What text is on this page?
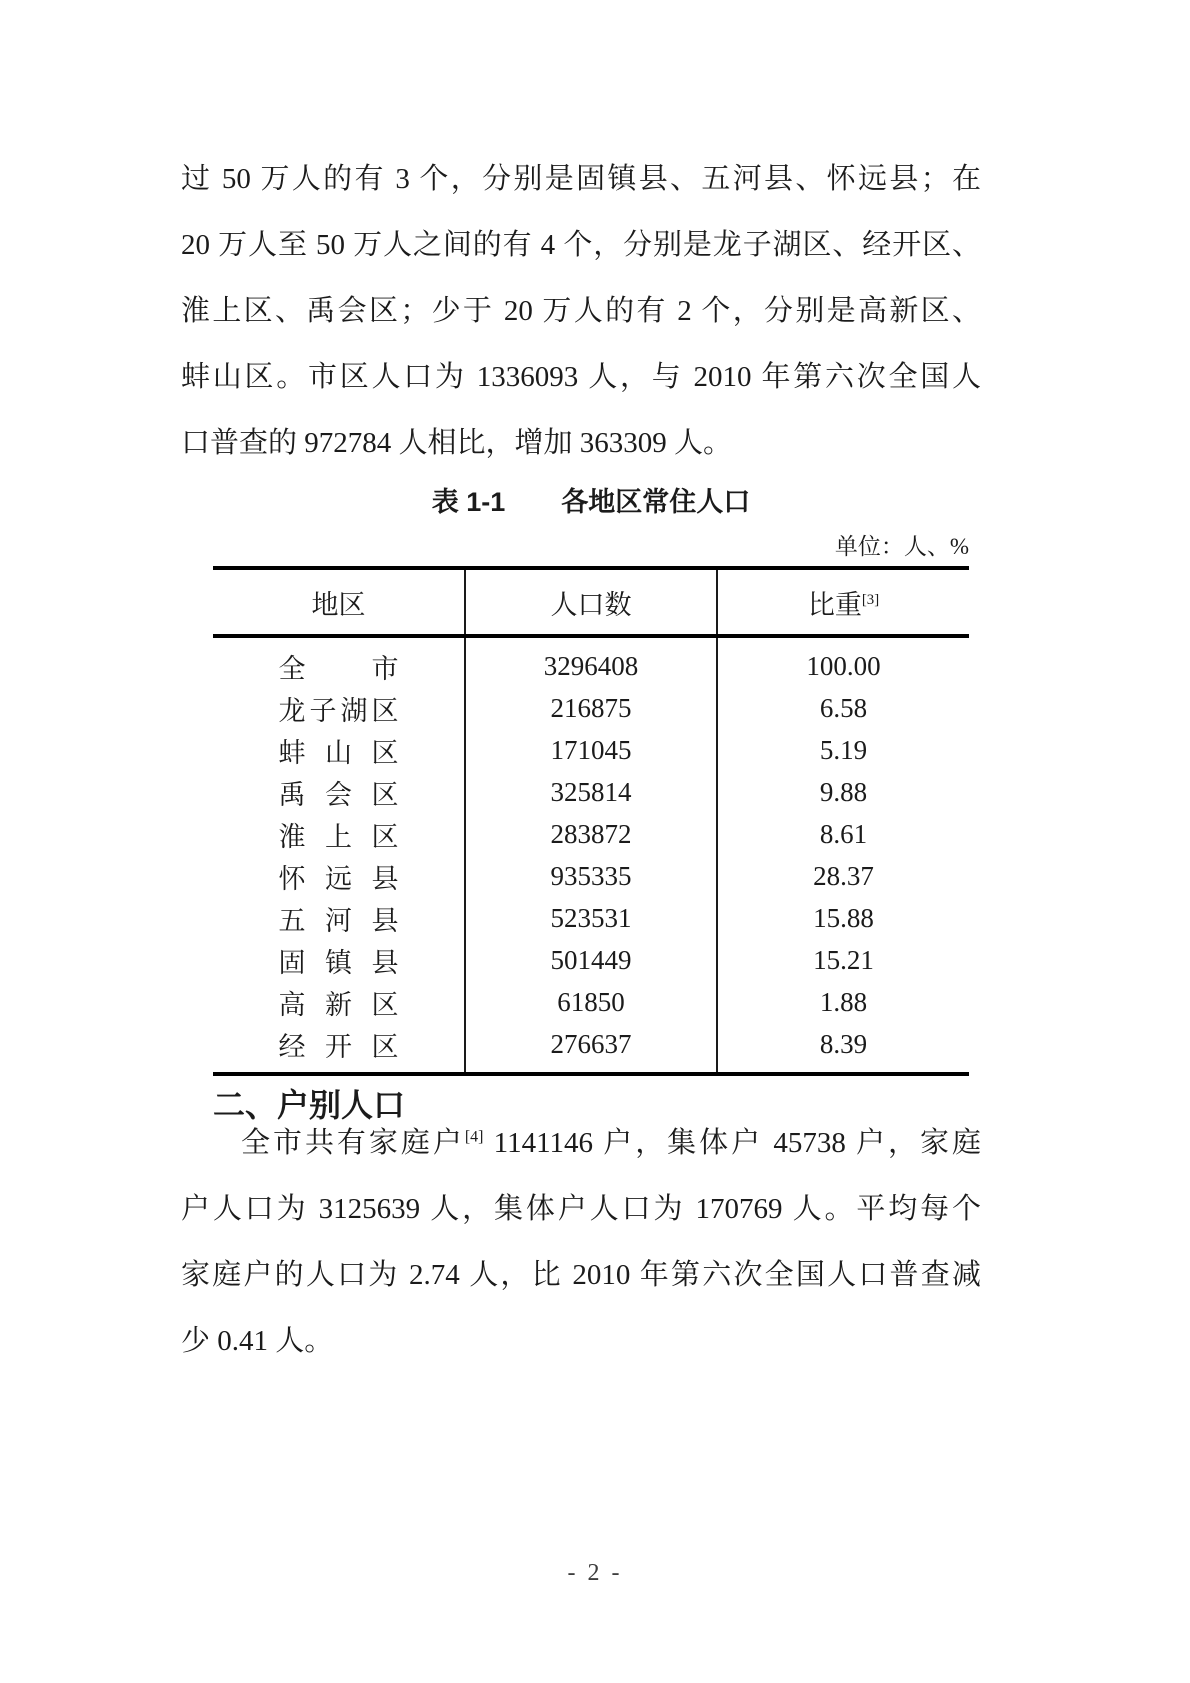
过 50 万人的有 3 个，分别是固镇县、五河县、怀远县；在
20 万人至 50 万人之间的有 4 个，分别是龙子湖区、经开区、
淮上区、禹会区；少于 20 万人的有 2 个，分别是高新区、
蚌山区。市区人口为 1336093 人，与 2010 年第六次全国人
口普查的 972784 人相比，增加 363309 人。
表 1-1 各地区常住人口
单位：人、%
地区	人口数	比重[3]
全市	3296408	100.00
龙子湖区	216875	6.58
蚌山区	171045	5.19
禹会区	325814	9.88
淮上区	283872	8.61
怀远县	935335	28.37
五河县	523531	15.88
固镇县	501449	15.21
高新区	61850	1.88
经开区	276637	8.39
二、户别人口
全市共有家庭户[4] 1141146 户，集体户 45738 户，家庭
户人口为 3125639 人，集体户人口为 170769 人。平均每个
家庭户的人口为 2.74 人，比 2010 年第六次全国人口普查减
少 0.41 人。
- 2 -
